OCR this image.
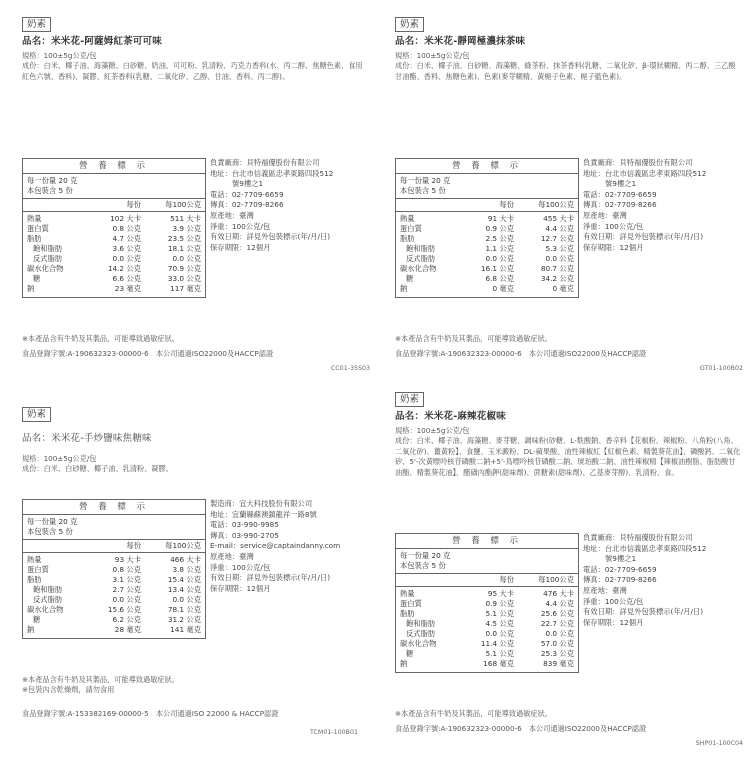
奶素
品名：米米花-阿薩姆紅茶可可味
規格：100±5g公克/包
成份：白米、椰子油、海藻糖、白砂糖、奶油、可可粉、乳清粉、巧克力香料(水、丙二醇、焦糖色素、食用紅色六號、香料)、凝膠、紅茶香料(乳糖、二氧化矽、乙醇、甘油、香料、丙二醇)。
營 養 標 示
每一份量 20 克
本包裝含 5 份
每份	每100公克
熱量	102 大卡	511 大卡
蛋白質	0.8 公克	3.9 公克
脂肪	4.7 公克	23.5 公克
飽和脂肪	3.6 公克	18.1 公克
反式脂肪	0.0 公克	0.0 公克
碳水化合物	14.2 公克	70.9 公克
糖	6.6 公克	33.0 公克
鈉	23 毫克	117 毫克
負責廠商：貝特福優股份有限公司
地址：台北市信義區忠孝東路四段512
號9樓之1
電話：02-7709-6659
傳真：02-7709-8266
原產地：臺灣
淨重：100公克/包
有效日期：詳見外包裝標示(年/月/日)
保存期限：12個月
※本產品含有牛奶及其製品，可能導致過敏症狀。
食品登錄字號:A-190632323-00000-6　本公司通過ISO22000及HACCP認證
CC01-35S03
奶素
品名：米米花-靜岡極濃抹茶味
規格：100±5g公克/包
成份：白米、椰子油、白砂糖、海藻糖、綠茶粉、抹茶香料(乳糖、二氧化矽、β-環狀糊精、丙二醇、三乙酸甘油酯、香料、焦糖色素)、色素(麥芽糊精、黃梔子色素、梔子藍色素)。
營 養 標 示
每一份量 20 克
本包裝含 5 份
每份	每100公克
熱量	91 大卡	455 大卡
蛋白質	0.9 公克	4.4 公克
脂肪	2.5 公克	12.7 公克
飽和脂肪	1.1 公克	5.3 公克
反式脂肪	0.0 公克	0.0 公克
碳水化合物	16.1 公克	80.7 公克
糖	6.8 公克	34.2 公克
鈉	0 毫克	0 毫克
負責廠商：貝特福優股份有限公司
地址：台北市信義區忠孝東路四段512
號9樓之1
電話：02-7709-6659
傳真：02-7709-8266
原產地：臺灣
淨重：100公克/包
有效日期：詳見外包裝標示(年/月/日)
保存期限：12個月
※本產品含有牛奶及其製品，可能導致過敏症狀。
食品登錄字號:A-190632323-00000-6　本公司通過ISO22000及HACCP認證
GT01-100B02
奶素
品名：米米花-手炒鹽味焦糖味
規格：100±5g公克/包
成份：白米、白砂糖、椰子油、乳清粉、凝膠。
營 養 標 示
每一份量 20 克
本包裝含 5 份
每份	每100公克
熱量	93 大卡	466 大卡
蛋白質	0.8 公克	3.8 公克
脂肪	3.1 公克	15.4 公克
飽和脂肪	2.7 公克	13.4 公克
反式脂肪	0.0 公克	0.0 公克
碳水化合物	15.6 公克	78.1 公克
糖	6.2 公克	31.2 公克
鈉	28 毫克	141 毫克
製造商：宜大科技股份有限公司
地址：宜蘭縣蘇澳鎮龍祥一路8號
電話：03-990-9985
傳真：03-990-2705
E-mail：service@captaindanny.com
原產地：臺灣
淨重：100公克/包
有效日期：詳見外包裝標示(年/月/日)
保存期限：12個月
※本產品含有牛奶及其製品，可能導致過敏症狀。
※包裝內含乾燥劑，請勿食用
食品登錄字號:A-153382169-00000-5　本公司通過ISO 22000 & HACCP認證
TCM01-100B01
奶素
品名：米米花-麻辣花椒味
規格：100±5g公克/包
成份：白米、椰子油、海藻糖、麥芽糖、調味粉(砂糖、L-麩酸鈉、香辛料【花椒粉、辣椒粉、八角粉(八角、二氧化矽)、薑黃粉】、食鹽、玉米澱粉、DL-蘋果酸、油性辣椒紅【紅椒色素、精製葵花油】、磷酸鈣、二氧化矽、5'-次黃嘌呤核苷磷酸二鈉+5'-鳥嘌呤核苷磷酸二鈉、琥珀酸二鈉、油性辣椒精【辣椒油樹脂、脂肪酸甘油酯、精製葵花油】、醋磺內酯鉀(甜味劑)、蔗糖素(甜味劑)、乙基麥芽醇)、乳清粉、食。
營 養 標 示
每一份量 20 克
本包裝含 5 份
每份	每100公克
熱量	95 大卡	476 大卡
蛋白質	0.9 公克	4.4 公克
脂肪	5.1 公克	25.6 公克
飽和脂肪	4.5 公克	22.7 公克
反式脂肪	0.0 公克	0.0 公克
碳水化合物	11.4 公克	57.0 公克
糖	5.1 公克	25.3 公克
鈉	168 毫克	839 毫克
負責廠商：貝特福優股份有限公司
地址：台北市信義區忠孝東路四段512
號9樓之1
電話：02-7709-6659
傳真：02-7709-8266
原產地：臺灣
淨重：100公克/包
有效日期：詳見外包裝標示(年/月/日)
保存期限：12個月
※本產品含有牛奶及其製品，可能導致過敏症狀。
食品登錄字號:A-190632323-00000-6　本公司通過ISO22000及HACCP認證
SHP01-100C04
